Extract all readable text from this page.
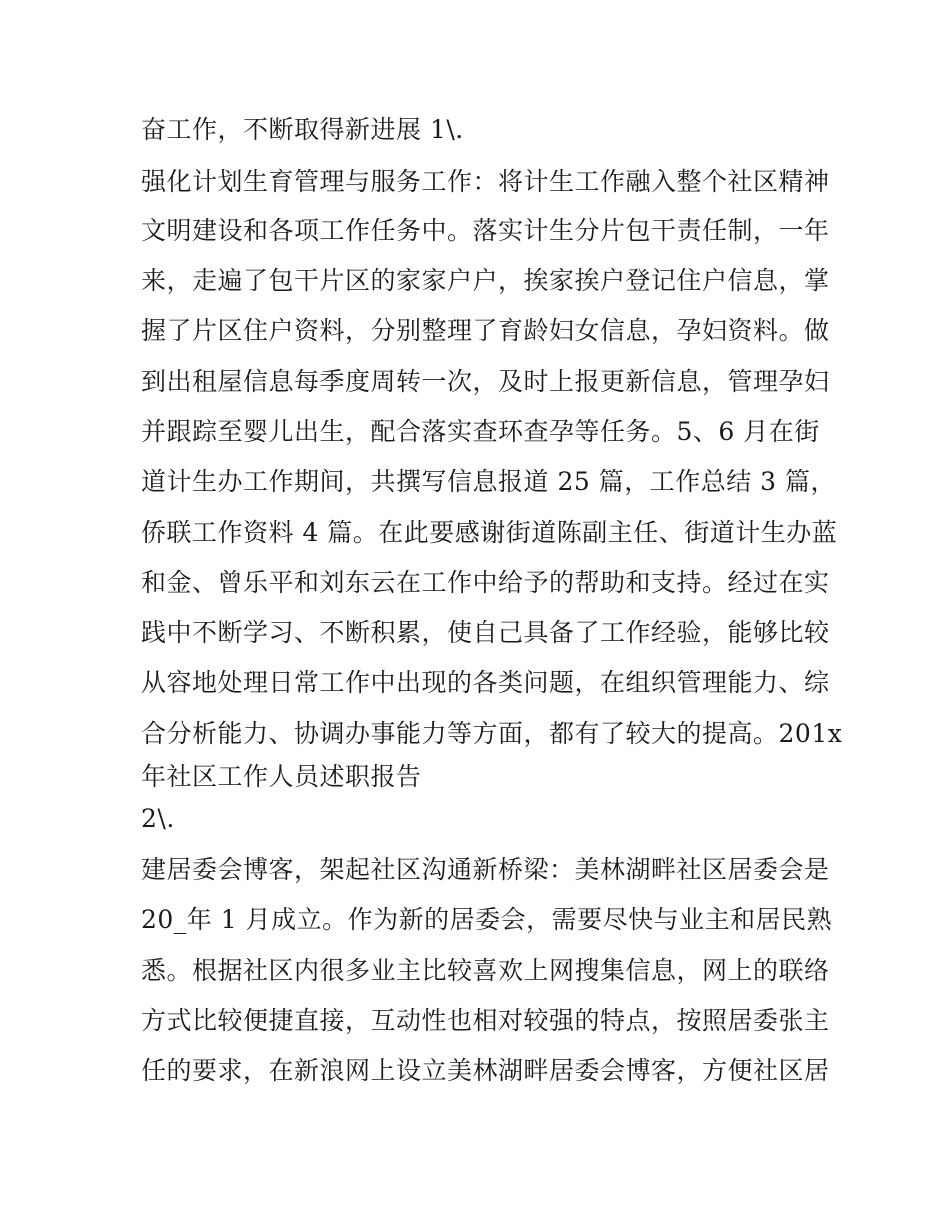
奋工作，不断取得新进展 1\.
强化计划生育管理与服务工作：将计生工作融入整个社区精神
文明建设和各项工作任务中。落实计生分片包干责任制，一年
来，走遍了包干片区的家家户户，挨家挨户登记住户信息，掌
握了片区住户资料，分别整理了育龄妇女信息，孕妇资料。做
到出租屋信息每季度周转一次，及时上报更新信息，管理孕妇
并跟踪至婴儿出生，配合落实查环查孕等任务。5、6 月在街
道计生办工作期间，共撰写信息报道 25 篇，工作总结 3 篇，
侨联工作资料 4 篇。在此要感谢街道陈副主任、街道计生办蓝
和金、曾乐平和刘东云在工作中给予的帮助和支持。经过在实
践中不断学习、不断积累，使自己具备了工作经验，能够比较
从容地处理日常工作中出现的各类问题，在组织管理能力、综
合分析能力、协调办事能力等方面，都有了较大的提高。201x
年社区工作人员述职报告
2\.
建居委会博客，架起社区沟通新桥梁：美林湖畔社区居委会是
20_年 1 月成立。作为新的居委会，需要尽快与业主和居民熟
悉。根据社区内很多业主比较喜欢上网搜集信息，网上的联络
方式比较便捷直接，互动性也相对较强的特点，按照居委张主
任的要求，在新浪网上设立美林湖畔居委会博客，方便社区居
